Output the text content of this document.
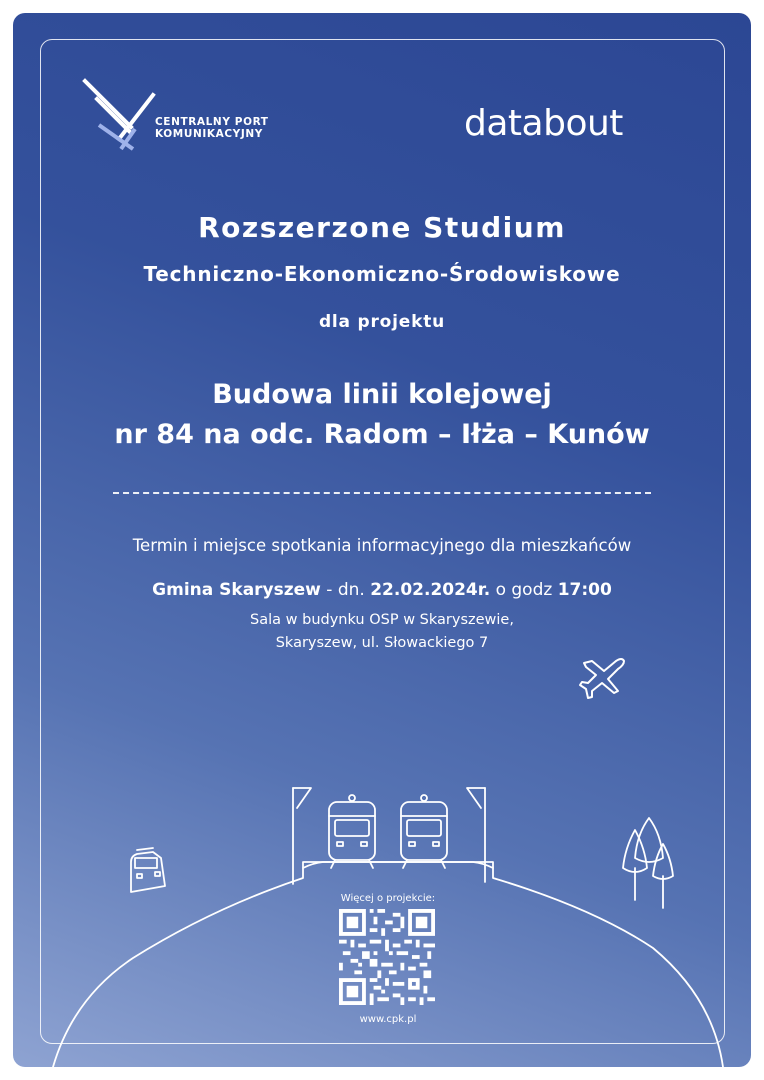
CENTRALNY PORT
KOMUNIKACYJNY	databout
Rozszerzone Studium
Techniczno-Ekonomiczno-Środowiskowe
dla projektu
Budowa linii kolejowej
nr 84 na odc. Radom – Iłża – Kunów
Termin i miejsce spotkania informacyjnego dla mieszkańców
Gmina Skaryszew - dn. 22.02.2024r. o godz 17:00
Sala w budynku OSP w Skaryszewie,
Skaryszew, ul. Słowackiego 7
Więcej o projekcie:
www.cpk.pl
